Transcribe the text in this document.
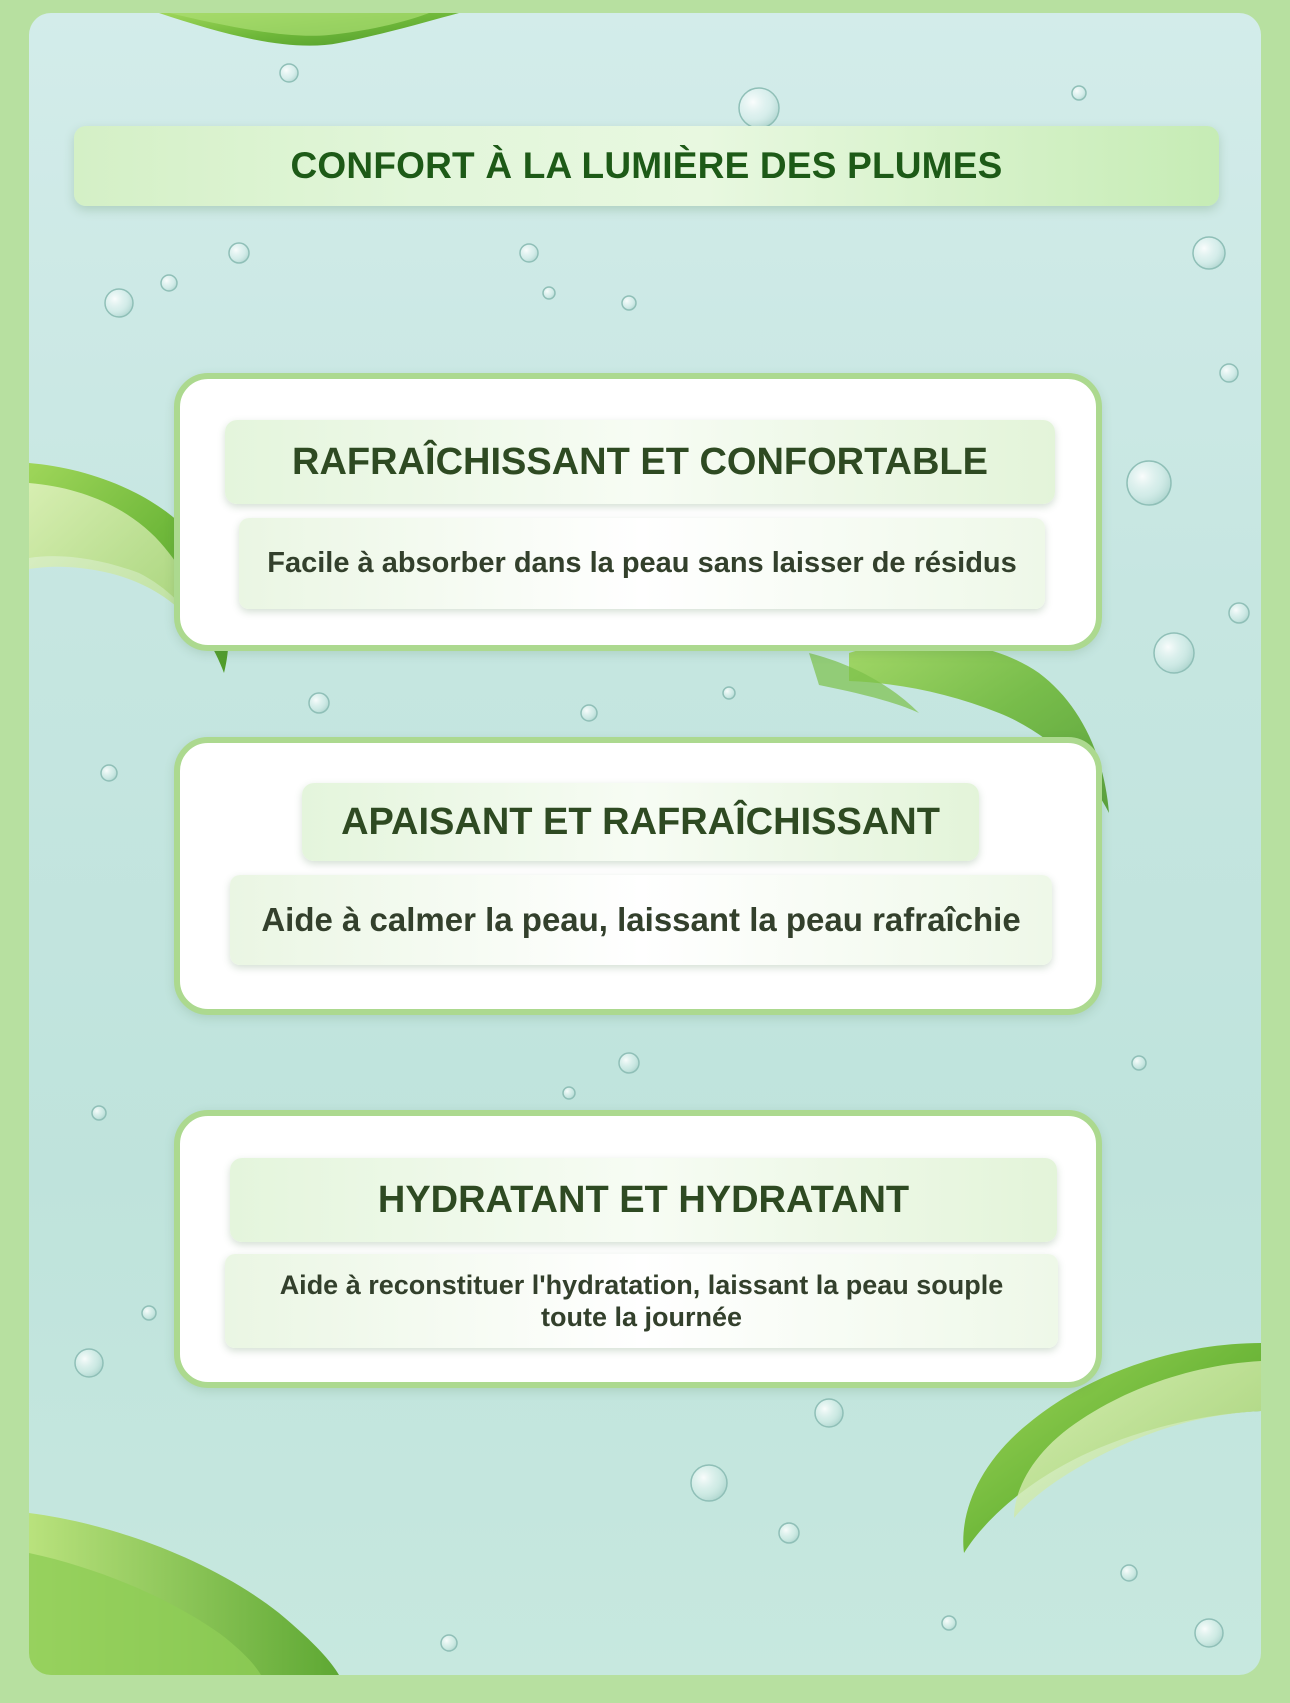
CONFORT À LA LUMIÈRE DES PLUMES
RAFRAÎCHISSANT ET CONFORTABLE
Facile à absorber dans la peau sans laisser de résidus
APAISANT ET RAFRAÎCHISSANT
Aide à calmer la peau, laissant la peau rafraîchie
HYDRATANT ET HYDRATANT
Aide à reconstituer l'hydratation, laissant la peau souple toute la journée
